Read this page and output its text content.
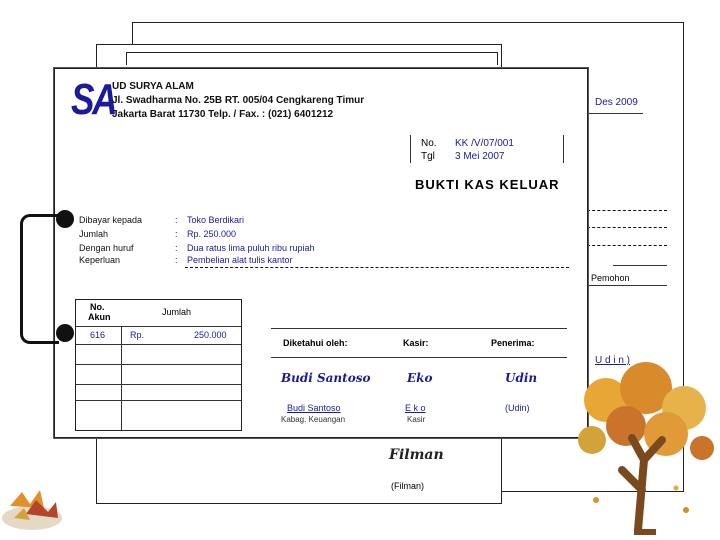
Des 2009
Pemohon
U d i n )
Filman
(Filman)
SA
UD SURYA ALAM
Jl. Swadharma No. 25B RT. 005/04 Cengkareng Timur
Jakarta Barat 11730 Telp. / Fax. : (021) 6401212
No. KK /V/07/001
Tgl 3 Mei 2007
BUKTI KAS KELUAR
Dibayar kepada	: Toko Berdikari
Jumlah	: Rp. 250.000
Dengan huruf	: Dua ratus lima puluh ribu rupiah
Keperluan	: Pembelian alat tulis kantor
No.
Akun	Jumlah
616	Rp.	250.000
Diketahui oleh:	Kasir:	Penerima:
Budi Santoso	Eko	Udin
Budi Santoso	E k o	(Udin)
Kabag. Keuangan	Kasir
